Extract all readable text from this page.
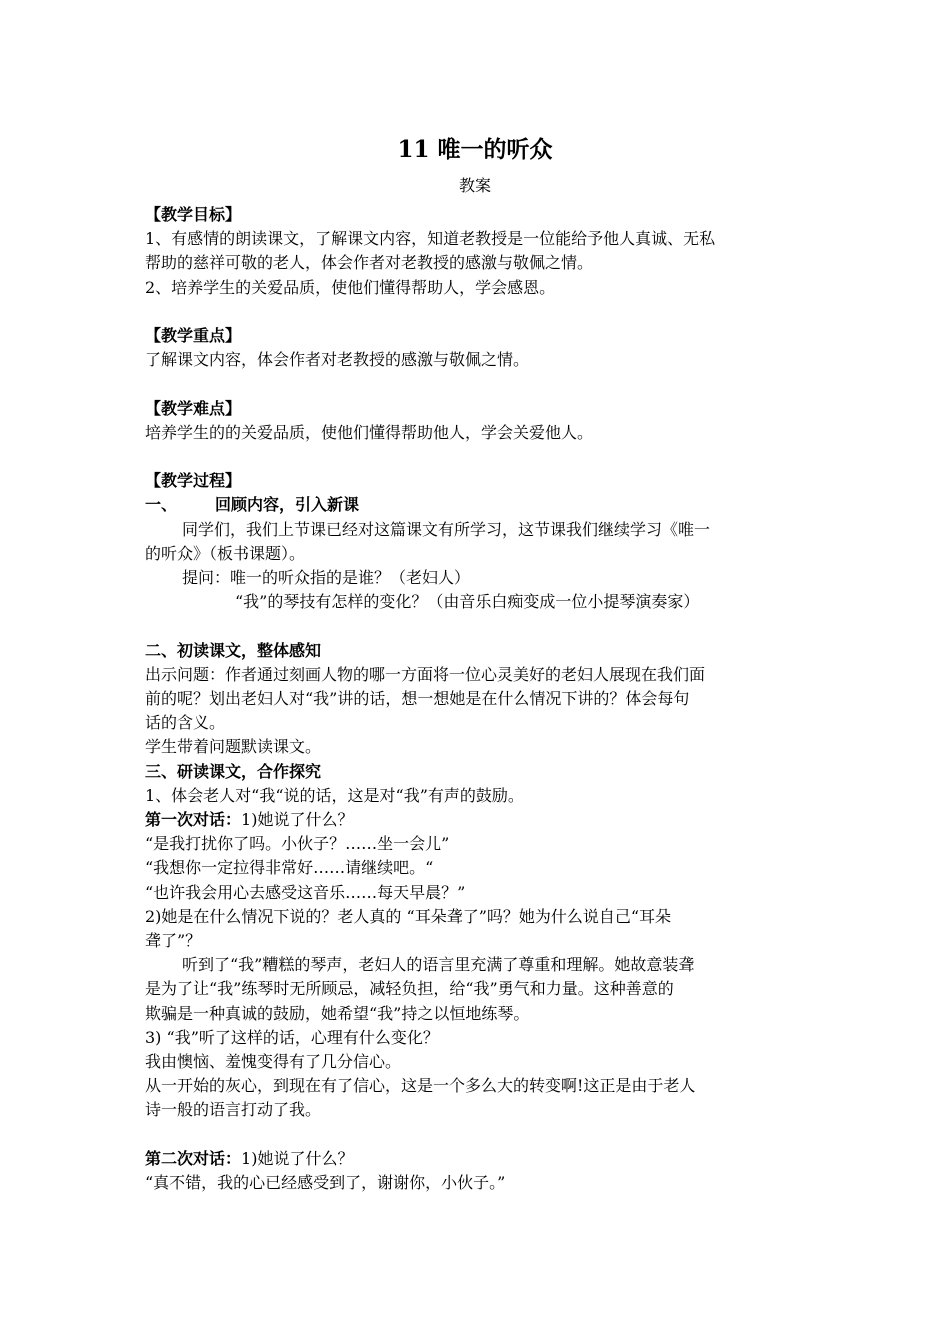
11 唯一的听众
教案

【教学目标】

1、有感情的朗读课文，了解课文内容，知道老教授是一位能给予他人真诚、无私

帮助的慈祥可敬的老人，体会作者对老教授的感激与敬佩之情。

2、培养学生的关爱品质，使他们懂得帮助人，学会感恩。

【教学重点】

了解课文内容，体会作者对老教授的感激与敬佩之情。

【教学难点】

培养学生的的关爱品质，使他们懂得帮助他人，学会关爱他人。

【教学过程】

一、 回顾内容，引入新课

同学们，我们上节课已经对这篇课文有所学习，这节课我们继续学习《唯一

的听众》（板书课题）。

提问：唯一的听众指的是谁？（老妇人）

“我”的琴技有怎样的变化？（由音乐白痴变成一位小提琴演奏家）

二、初读课文，整体感知

出示问题：作者通过刻画人物的哪一方面将一位心灵美好的老妇人展现在我们面

前的呢？划出老妇人对“我”讲的话，想一想她是在什么情况下讲的？体会每句

话的含义。

学生带着问题默读课文。

三、研读课文，合作探究

1、体会老人对“我“说的话，这是对“我”有声的鼓励。

第一次对话：1)她说了什么？

“是我打扰你了吗。小伙子？……坐一会儿”

“我想你一定拉得非常好……请继续吧。“

“也许我会用心去感受这音乐……每天早晨？”

2)她是在什么情况下说的？老人真的 “耳朵聋了”吗？她为什么说自己“耳朵

聋了”？

听到了“我”糟糕的琴声，老妇人的语言里充满了尊重和理解。她故意装聋

是为了让“我”练琴时无所顾忌，减轻负担，给“我”勇气和力量。这种善意的

欺骗是一种真诚的鼓励，她希望“我”持之以恒地练琴。

3) “我”听了这样的话，心理有什么变化？

我由懊恼、羞愧变得有了几分信心。

从一开始的灰心，到现在有了信心，这是一个多么大的转变啊!这正是由于老人

诗一般的语言打动了我。

第二次对话：1)她说了什么？

“真不错，我的心已经感受到了，谢谢你，小伙子。”
